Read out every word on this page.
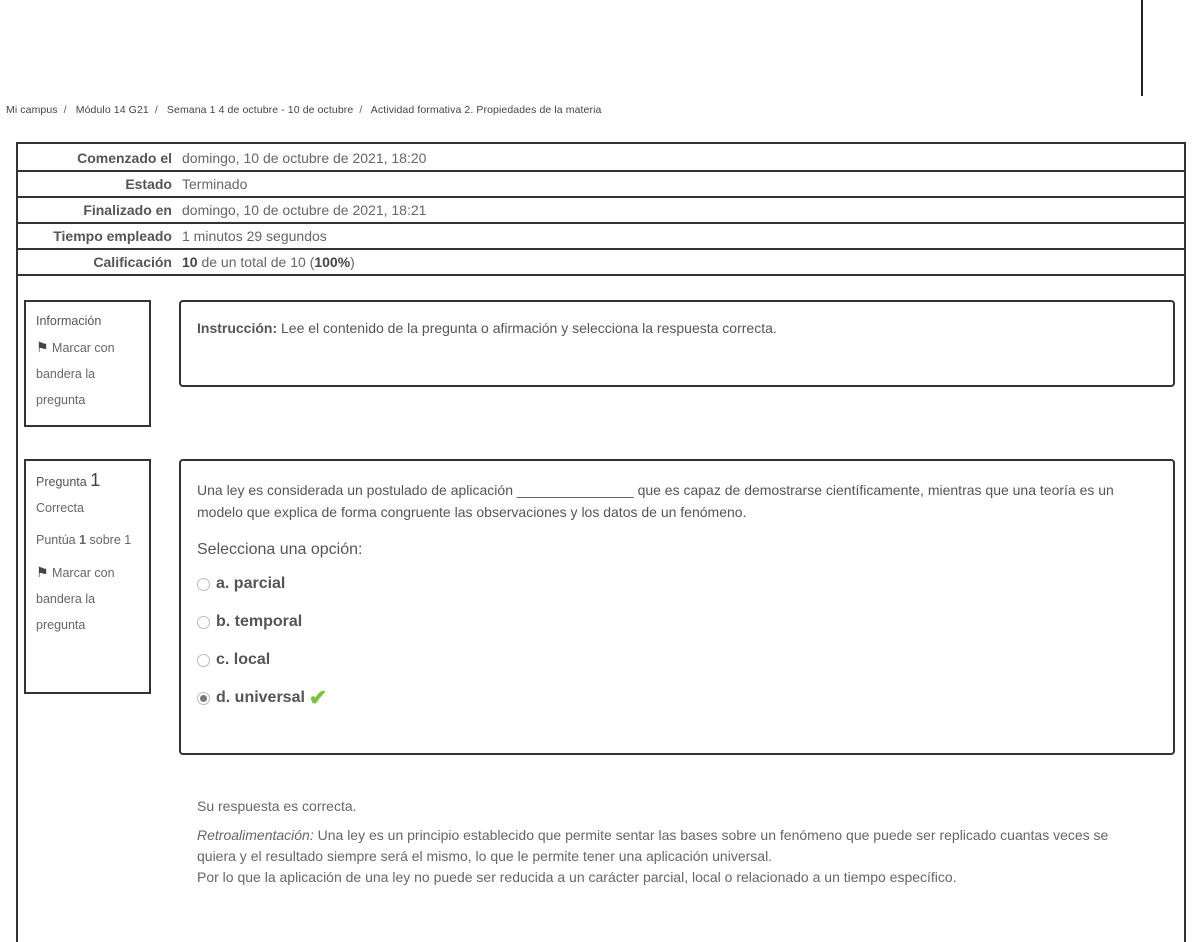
Mi campus / Módulo 14 G21 / Semana 1 4 de octubre - 10 de octubre / Actividad formativa 2. Propiedades de la materia
Comenzado el	domingo, 10 de octubre de 2021, 18:20
Estado	Terminado
Finalizado en	domingo, 10 de octubre de 2021, 18:21
Tiempo empleado	1 minutos 29 segundos
Calificación	10 de un total de 10 (100%)
Información
⚑ Marcar con bandera la pregunta
Instrucción: Lee el contenido de la pregunta o afirmación y selecciona la respuesta correcta.
Pregunta 1
Correcta
Puntúa 1 sobre 1
⚑ Marcar con bandera la pregunta
Una ley es considerada un postulado de aplicación _______________ que es capaz de demostrarse científicamente, mientras que una teoría es un modelo que explica de forma congruente las observaciones y los datos de un fenómeno.
Selecciona una opción:
a. parcial
b. temporal
c. local
d. universal ✔
Su respuesta es correcta.
Retroalimentación: Una ley es un principio establecido que permite sentar las bases sobre un fenómeno que puede ser replicado cuantas veces se quiera y el resultado siempre será el mismo, lo que le permite tener una aplicación universal.
Por lo que la aplicación de una ley no puede ser reducida a un carácter parcial, local o relacionado a un tiempo específico.
